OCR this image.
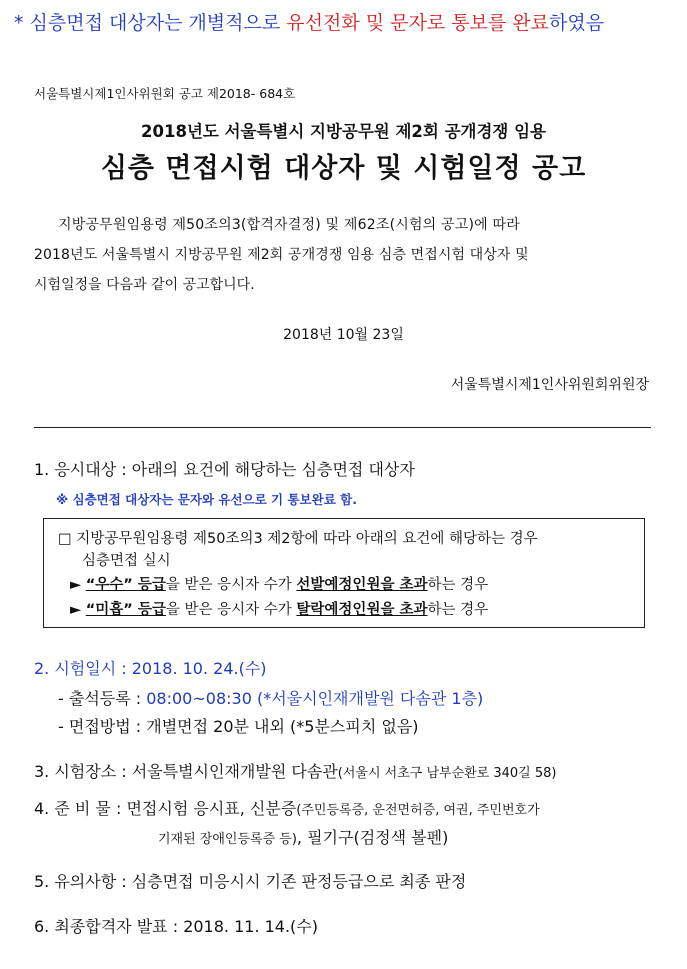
* 심층면접 대상자는 개별적으로 유선전화 및 문자로 통보를 완료하였음
서울특별시제1인사위원회 공고 제2018- 684호
2018년도 서울특별시 지방공무원 제2회 공개경쟁 임용
심층 면접시험 대상자 및 시험일정 공고
지방공무원임용령 제50조의3(합격자결정) 및 제62조(시험의 공고)에 따라
2018년도 서울특별시 지방공무원 제2회 공개경쟁 임용 심층 면접시험 대상자 및
시험일정을 다음과 같이 공고합니다.
2018년 10월 23일
서울특별시제1인사위원회위원장
1. 응시대상 : 아래의 요건에 해당하는 심층면접 대상자
※ 심층면접 대상자는 문자와 유선으로 기 통보완료 함.
□ 지방공무원임용령 제50조의3 제2항에 따라 아래의 요건에 해당하는 경우
심층면접 실시
► “우수” 등급을 받은 응시자 수가 선발예정인원을 초과하는 경우
► “미흡” 등급을 받은 응시자 수가 탈락예정인원을 초과하는 경우
2. 시험일시 : 2018. 10. 24.(수)
- 출석등록 : 08:00~08:30 (*서울시인재개발원 다솜관 1층)
- 면접방법 : 개별면접 20분 내외 (*5분스피치 없음)
3. 시험장소 : 서울특별시인재개발원 다솜관(서울시 서초구 남부순환로 340길 58)
4. 준 비 물 : 면접시험 응시표, 신분증(주민등록증, 운전면허증, 여권, 주민번호가
기재된 장애인등록증 등), 필기구(검정색 볼펜)
5. 유의사항 : 심층면접 미응시시 기존 판정등급으로 최종 판정
6. 최종합격자 발표 : 2018. 11. 14.(수)
